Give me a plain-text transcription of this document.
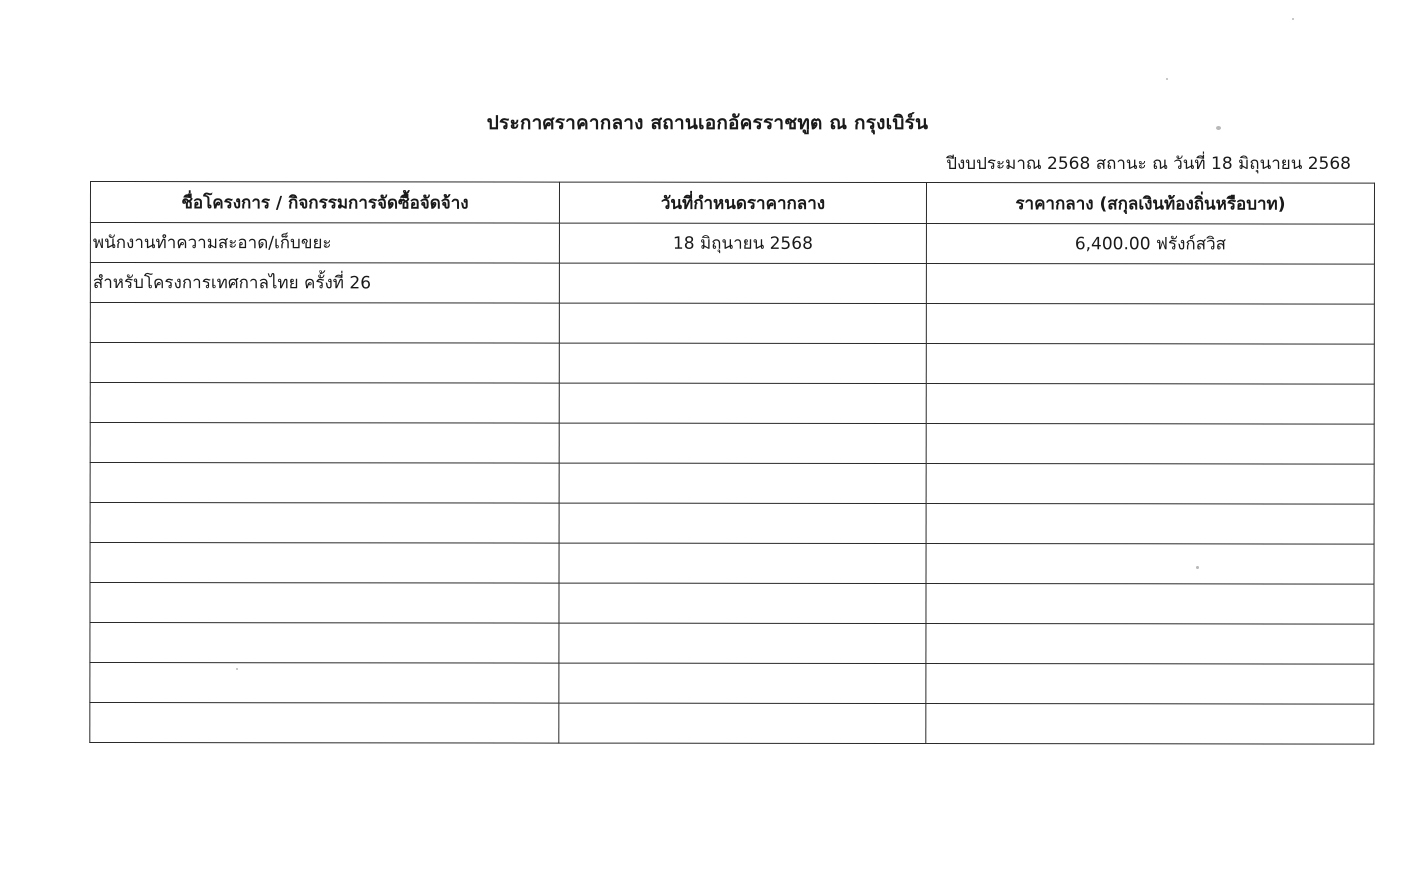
ประกาศราคากลาง สถานเอกอัครราชทูต ณ กรุงเบิร์น
ปีงบประมาณ 2568 สถานะ ณ วันที่ 18 มิถุนายน 2568
ชื่อโครงการ / กิจกรรมการจัดซื้อจัดจ้าง	วันที่กำหนดราคากลาง	ราคากลาง (สกุลเงินท้องถิ่นหรือบาท)
พนักงานทำความสะอาด/เก็บขยะ	18 มิถุนายน 2568	6,400.00 ฟรังก์สวิส
สำหรับโครงการเทศกาลไทย ครั้งที่ 26		
